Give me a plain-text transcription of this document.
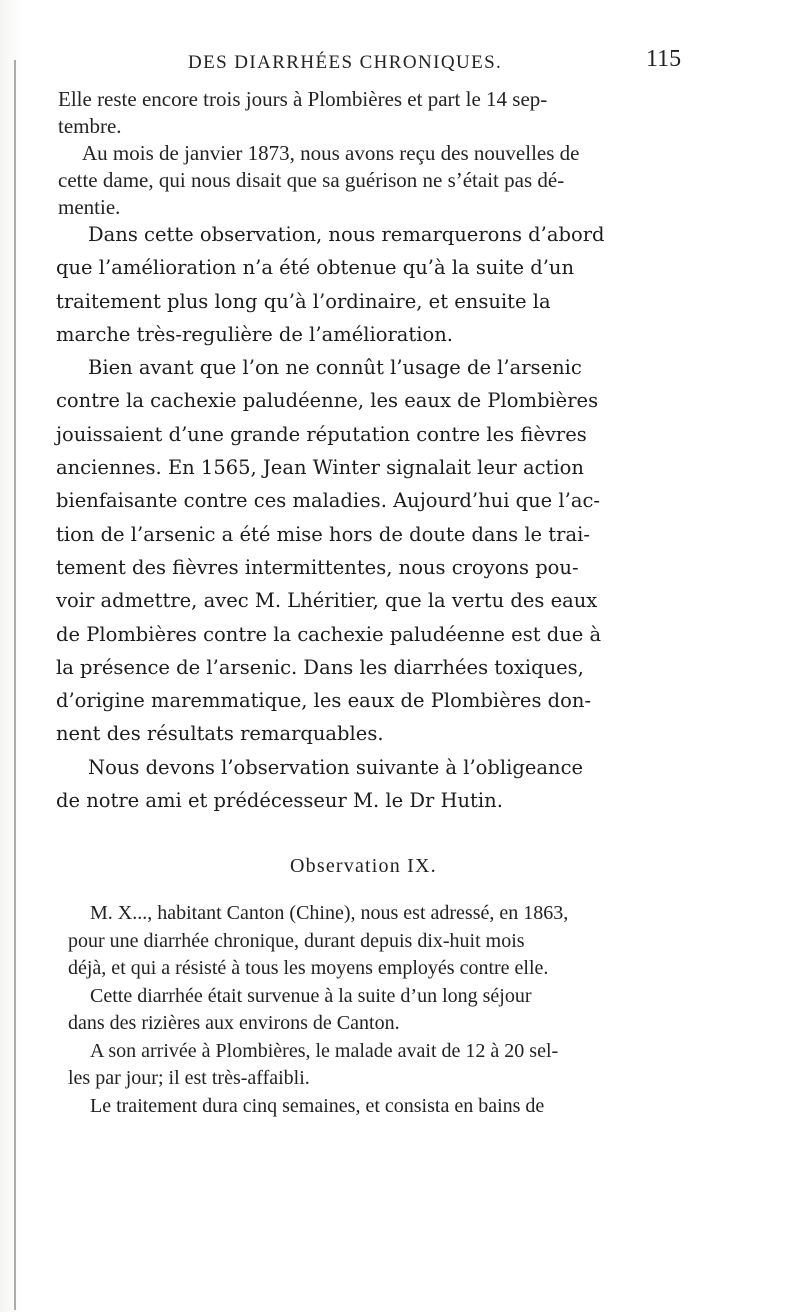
DES DIARRHÉES CHRONIQUES.	115
Elle reste encore trois jours à Plombières et part le 14 sep-
tembre.
Au mois de janvier 1873, nous avons reçu des nouvelles de
cette dame, qui nous disait que sa guérison ne s’était pas dé-
mentie.
Dans cette observation, nous remarquerons d’abord
que l’amélioration n’a été obtenue qu’à la suite d’un
traitement plus long qu’à l’ordinaire, et ensuite la
marche très-regulière de l’amélioration.
Bien avant que l’on ne connût l’usage de l’arsenic
contre la cachexie paludéenne, les eaux de Plombières
jouissaient d’une grande réputation contre les fièvres
anciennes. En 1565, Jean Winter signalait leur action
bienfaisante contre ces maladies. Aujourd’hui que l’ac-
tion de l’arsenic a été mise hors de doute dans le trai-
tement des fièvres intermittentes, nous croyons pou-
voir admettre, avec M. Lhéritier, que la vertu des eaux
de Plombières contre la cachexie paludéenne est due à
la présence de l’arsenic. Dans les diarrhées toxiques,
d’origine maremmatique, les eaux de Plombières don-
nent des résultats remarquables.
Nous devons l’observation suivante à l’obligeance
de notre ami et prédécesseur M. le Dr Hutin.
Observation IX.
M. X..., habitant Canton (Chine), nous est adressé, en 1863,
pour une diarrhée chronique, durant depuis dix-huit mois
déjà, et qui a résisté à tous les moyens employés contre elle.
Cette diarrhée était survenue à la suite d’un long séjour
dans des rizières aux environs de Canton.
A son arrivée à Plombières, le malade avait de 12 à 20 sel-
les par jour; il est très-affaibli.
Le traitement dura cinq semaines, et consista en bains de
